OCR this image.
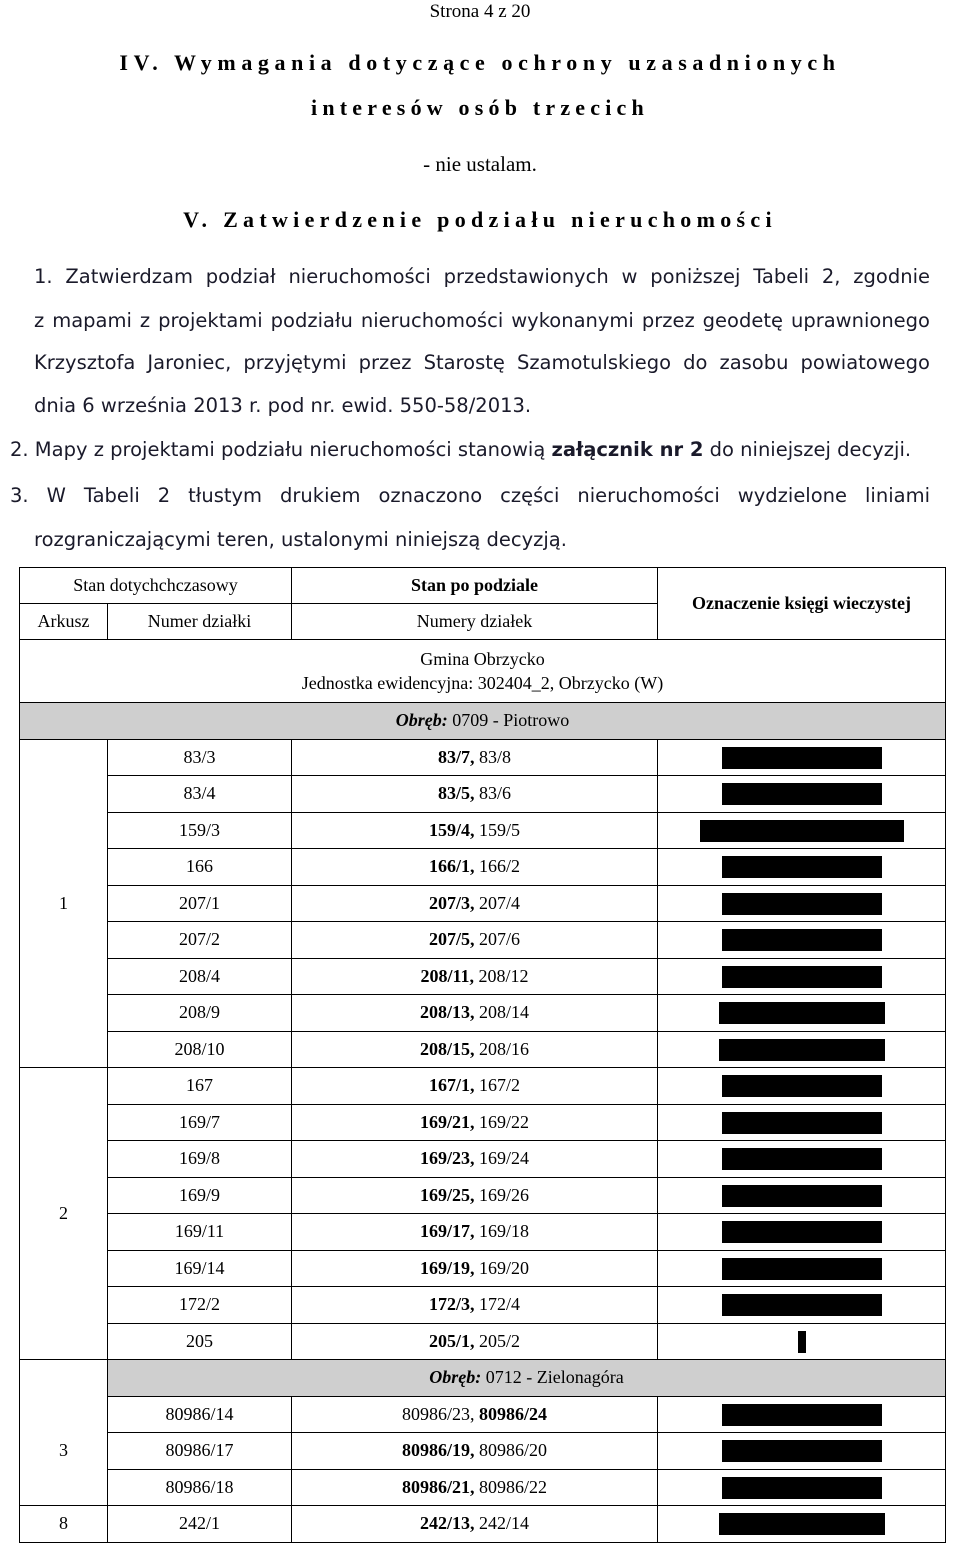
Strona 4 z 20
IV. Wymagania dotyczące ochrony uzasadnionych
interesów osób trzecich
- nie ustalam.
V. Zatwierdzenie podziału nieruchomości
1. Zatwierdzam podział nieruchomości przedstawionych w poniższej Tabeli 2, zgodnie
z mapami z projektami podziału nieruchomości wykonanymi przez geodetę uprawnionego
Krzysztofa Jaroniec, przyjętymi przez Starostę Szamotulskiego do zasobu powiatowego
dnia 6 września 2013 r. pod nr. ewid. 550-58/2013.
2. Mapy z projektami podziału nieruchomości stanowią załącznik nr 2 do niniejszej decyzji.
3. W Tabeli 2 tłustym drukiem oznaczono części nieruchomości wydzielone liniami
rozgraniczającymi teren, ustalonymi niniejszą decyzją.
Stan dotychchczasowy		Stan po podziale	Oznaczenie księgi wieczystej
Arkusz	Numer działki	Numery działek	
Gmina Obrzycko
Jednostka ewidencyjna: 302404_2, Obrzycko (W)			
Obręb: 0709 - Piotrowo			
1	83/3	83/7, 83/8	
	83/4	83/5, 83/6	
	159/3	159/4, 159/5	
	166	166/1, 166/2	
	207/1	207/3, 207/4	
	207/2	207/5, 207/6	
	208/4	208/11, 208/12	
	208/9	208/13, 208/14	
	208/10	208/15, 208/16	
2	167	167/1, 167/2	
	169/7	169/21, 169/22	
	169/8	169/23, 169/24	
	169/9	169/25, 169/26	
	169/11	169/17, 169/18	
	169/14	169/19, 169/20	
	172/2	172/3, 172/4	
	205	205/1, 205/2	
	Obręb: 0712 - Zielonagóra		
3	80986/14	80986/23, 80986/24	
	80986/17	80986/19, 80986/20	
	80986/18	80986/21, 80986/22	
8	242/1	242/13, 242/14	
